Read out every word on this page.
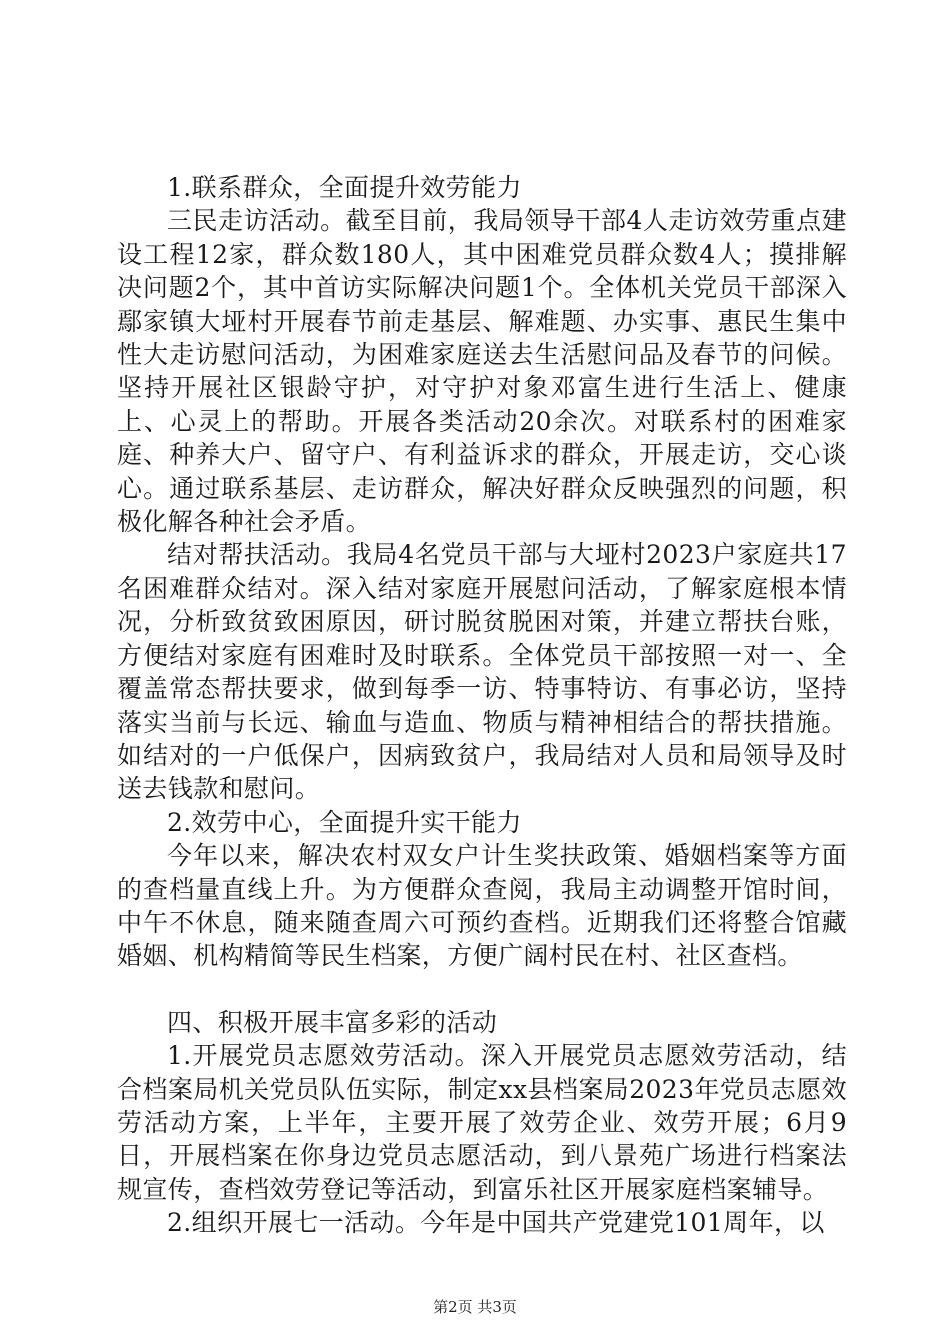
1.联系群众，全面提升效劳能力

三民走访活动。截至目前，我局领导干部4人走访效劳重点建设工程12家，群众数180人，其中困难党员群众数4人；摸排解决问题2个，其中首访实际解决问题1个。全体机关党员干部深入鄢家镇大垭村开展春节前走基层、解难题、办实事、惠民生集中性大走访慰问活动，为困难家庭送去生活慰问品及春节的问候。坚持开展社区银龄守护，对守护对象邓富生进行生活上、健康上、心灵上的帮助。开展各类活动20余次。对联系村的困难家庭、种养大户、留守户、有利益诉求的群众，开展走访，交心谈心。通过联系基层、走访群众，解决好群众反映强烈的问题，积极化解各种社会矛盾。

结对帮扶活动。我局4名党员干部与大垭村2023户家庭共17名困难群众结对。深入结对家庭开展慰问活动，了解家庭根本情况，分析致贫致困原因，研讨脱贫脱困对策，并建立帮扶台账，方便结对家庭有困难时及时联系。全体党员干部按照一对一、全覆盖常态帮扶要求，做到每季一访、特事特访、有事必访，坚持落实当前与长远、输血与造血、物质与精神相结合的帮扶措施。如结对的一户低保户，因病致贫户，我局结对人员和局领导及时送去钱款和慰问。

2.效劳中心，全面提升实干能力

今年以来，解决农村双女户计生奖扶政策、婚姻档案等方面的查档量直线上升。为方便群众查阅，我局主动调整开馆时间，中午不休息，随来随查周六可预约查档。近期我们还将整合馆藏婚姻、机构精简等民生档案，方便广阔村民在村、社区查档。

四、积极开展丰富多彩的活动

1.开展党员志愿效劳活动。深入开展党员志愿效劳活动，结合档案局机关党员队伍实际，制定xx县档案局2023年党员志愿效劳活动方案，上半年，主要开展了效劳企业、效劳开展；6月9日，开展档案在你身边党员志愿活动，到八景苑广场进行档案法规宣传，查档效劳登记等活动，到富乐社区开展家庭档案辅导。

2.组织开展七一活动。今年是中国共产党建党101周年，以

第2页 共3页
